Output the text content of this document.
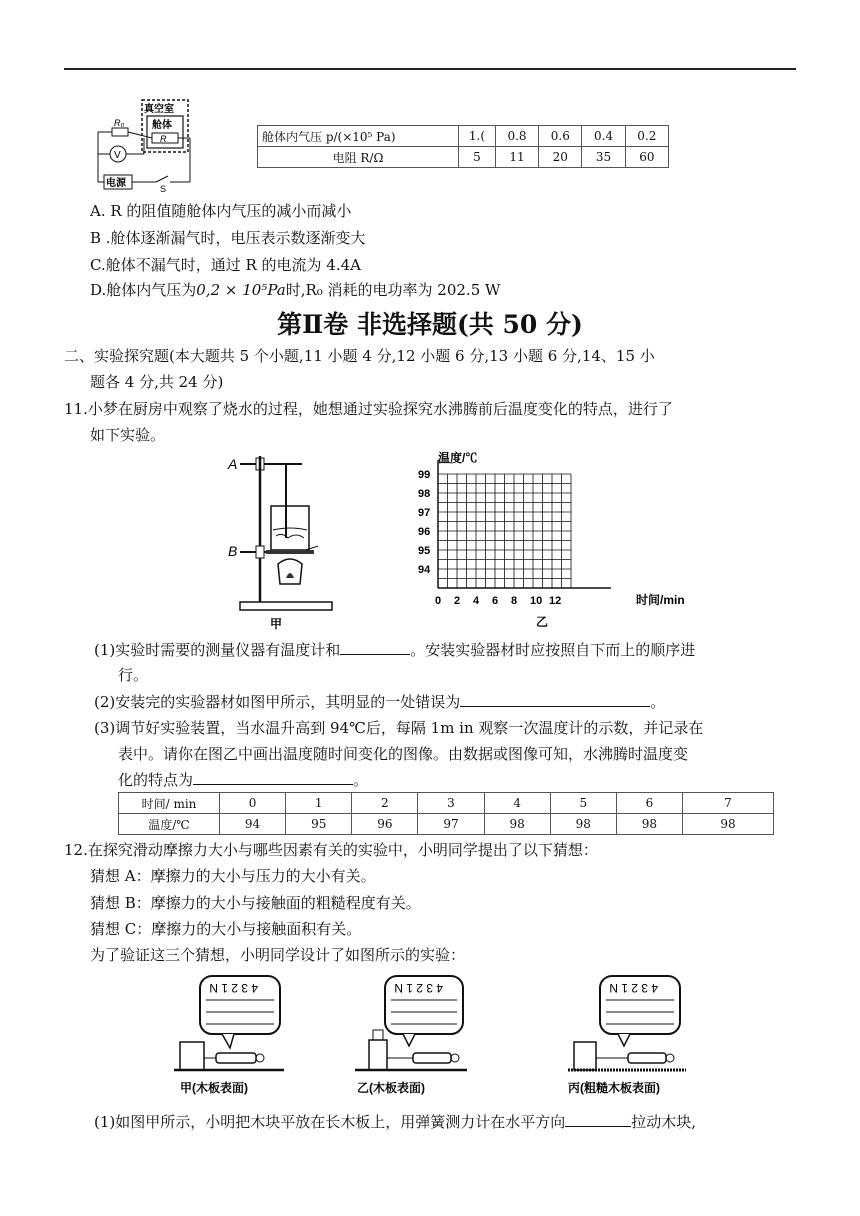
真空室
舱体
R
R₀
V
电源	S
舱体内气压 p/(×10⁵ Pa)	1.(	0.8	0.6	0.4	0.2
电阻 R/Ω	5	11	20	35	60
A. R 的阻值随舱体内气压的减小而减小
B .舱体逐渐漏气时，电压表示数逐渐变大
C.舱体不漏气时，通过 R 的电流为 4.4A
D.舱体内气压为0,2 × 10⁵Pa时,R₀ 消耗的电功率为 202.5 W
第Ⅱ卷 非选择题(共 50 分)
二、实验探究题(本大题共 5 个小题,11 小题 4 分,12 小题 6 分,13 小题 6 分,14、15 小
题各 4 分,共 24 分)
11.小梦在厨房中观察了烧水的过程，她想通过实验探究水沸腾前后温度变化的特点，进行了
如下实验。
A
B
甲
温度/℃
时间/min
乙
99
98
97
96
95
94
0 2 4 6 8 10 12
(1)实验时需要的测量仪器有温度计和	。安装实验器材时应按照自下而上的顺序进
行。
(2)安装完的实验器材如图甲所示，其明显的一处错误为	。
(3)调节好实验装置，当水温升高到 94℃后，每隔 1m in 观察一次温度计的示数，并记录在
表中。请你在图乙中画出温度随时间变化的图像。由数据或图像可知，水沸腾时温度变
化的特点为	。
时间/ min	0	1	2	3	4	5	6	7
温度/℃	94	95	96	97	98	98	98	98
12.在探究滑动摩擦力大小与哪些因素有关的实验中，小明同学提出了以下猜想：
猜想 A：摩擦力的大小与压力的大小有关。
猜想 B：摩擦力的大小与接触面的粗糙程度有关。
猜想 C：摩擦力的大小与接触面积有关。
为了验证这三个猜想，小明同学设计了如图所示的实验：
4 3 2 1 N
甲(木板表面)
4 3 2 1 N
乙(木板表面)
4 3 2 1 N
丙(粗糙木板表面)
(1)如图甲所示，小明把木块平放在长木板上，用弹簧测力计在水平方向	拉动木块,
